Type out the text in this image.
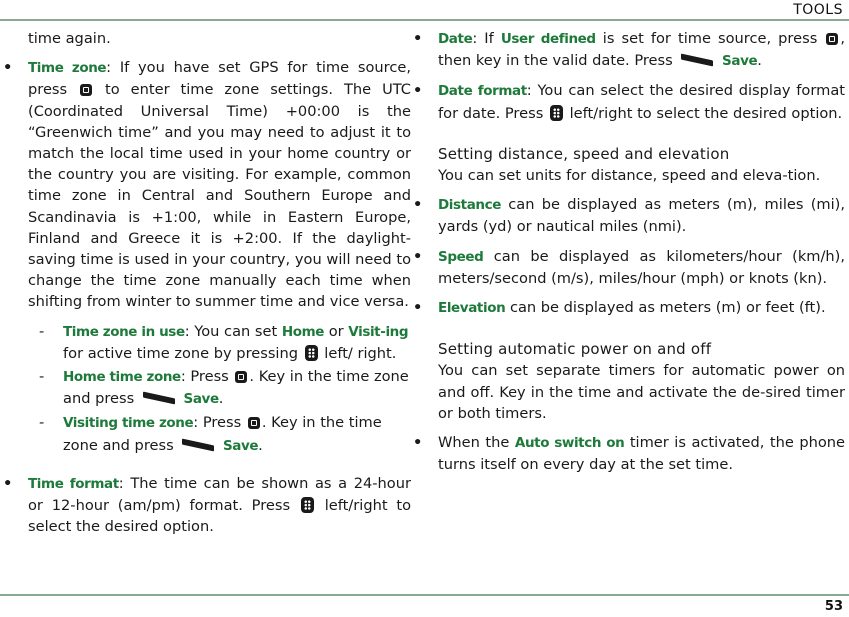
TOOLS

time again.

• Time zone: If you have set GPS for time source, press	to enter time zone settings. The UTC (Coordinated Universal Time) +00:00 is the “Greenwich time” and you may need to adjust it to match the local time used in your home country or the country you are visiting. For example, common time zone in Central and Southern Europe and Scandinavia is +1:00, while in Eastern Europe, Finland and Greece it is +2:00. If the daylight-saving time is used in your country, you will need to change the time zone manually each time when shifting from winter to summer time and vice versa.
- Time zone in use: You can set Home or Visit-ing for active time zone by pressing left/ right.
- Home time zone: Press . Key in the time zone and press	Save.
- Visiting time zone: Press . Key in the time zone and press	Save.
• Time format: The time can be shown as a 24-hour or 12-hour (am/pm) format. Press left/right to select the desired option.
• Date: If User defined is set for time source, press , then key in the valid date. Press	Save.
• Date format: You can select the desired display format for date. Press left/right to select the desired option.
Setting distance, speed and elevation

You can set units for distance, speed and eleva-tion.

• Distance can be displayed as meters (m), miles (mi), yards (yd) or nautical miles (nmi).
• Speed can be displayed as kilometers/hour (km/h), meters/second (m/s), miles/hour (mph) or knots (kn).
• Elevation can be displayed as meters (m) or feet (ft).
Setting automatic power on and off

You can set separate timers for automatic power on and off. Key in the time and activate the de-sired timer or both timers.

• When the Auto switch on timer is activated, the phone turns itself on every day at the set time.
53
